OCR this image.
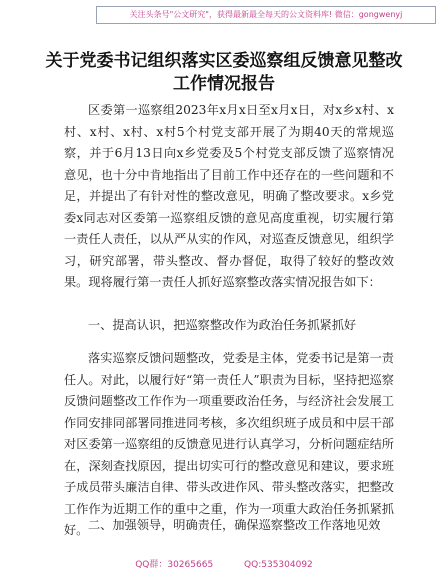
关注头条号"公文研究"，获得最新最全每天的公文资料库! 微信：gongwenyj
关于党委书记组织落实区委巡察组反馈意见整改工作情况报告
区委第一巡察组2023年x月x日至x月x日，对x乡x村、x村、x村、x村、x村5个村党支部开展了为期40天的常规巡察，并于6月13日向x乡党委及5个村党支部反馈了巡察情况意见，也十分中肯地指出了目前工作中还存在的一些问题和不足，并提出了有针对性的整改意见，明确了整改要求。x乡党委x同志对区委第一巡察组反馈的意见高度重视，切实履行第一责任人责任，以从严从实的作风，对巡查反馈意见，组织学习，研究部署，带头整改、督办督促，取得了较好的整改效果。现将履行第一责任人抓好巡察整改落实情况报告如下：
一、提高认识，把巡察整改作为政治任务抓紧抓好
落实巡察反馈问题整改，党委是主体，党委书记是第一责任人。对此，以履行好“第一责任人”职责为目标，坚持把巡察反馈问题整改工作作为一项重要政治任务，与经济社会发展工作同安排同部署同推进同考核，多次组织班子成员和中层干部对区委第一巡察组的反馈意见进行认真学习，分析问题症结所在，深刻查找原因，提出切实可行的整改意见和建议，要求班子成员带头廉洁自律、带头改进作风、带头整改落实，把整改工作作为近期工作的重中之重，作为一项重大政治任务抓紧抓好。 二、加强领导，明确责任，确保巡察整改工作落地见效
QQ群：30265665	QQ:535304092
